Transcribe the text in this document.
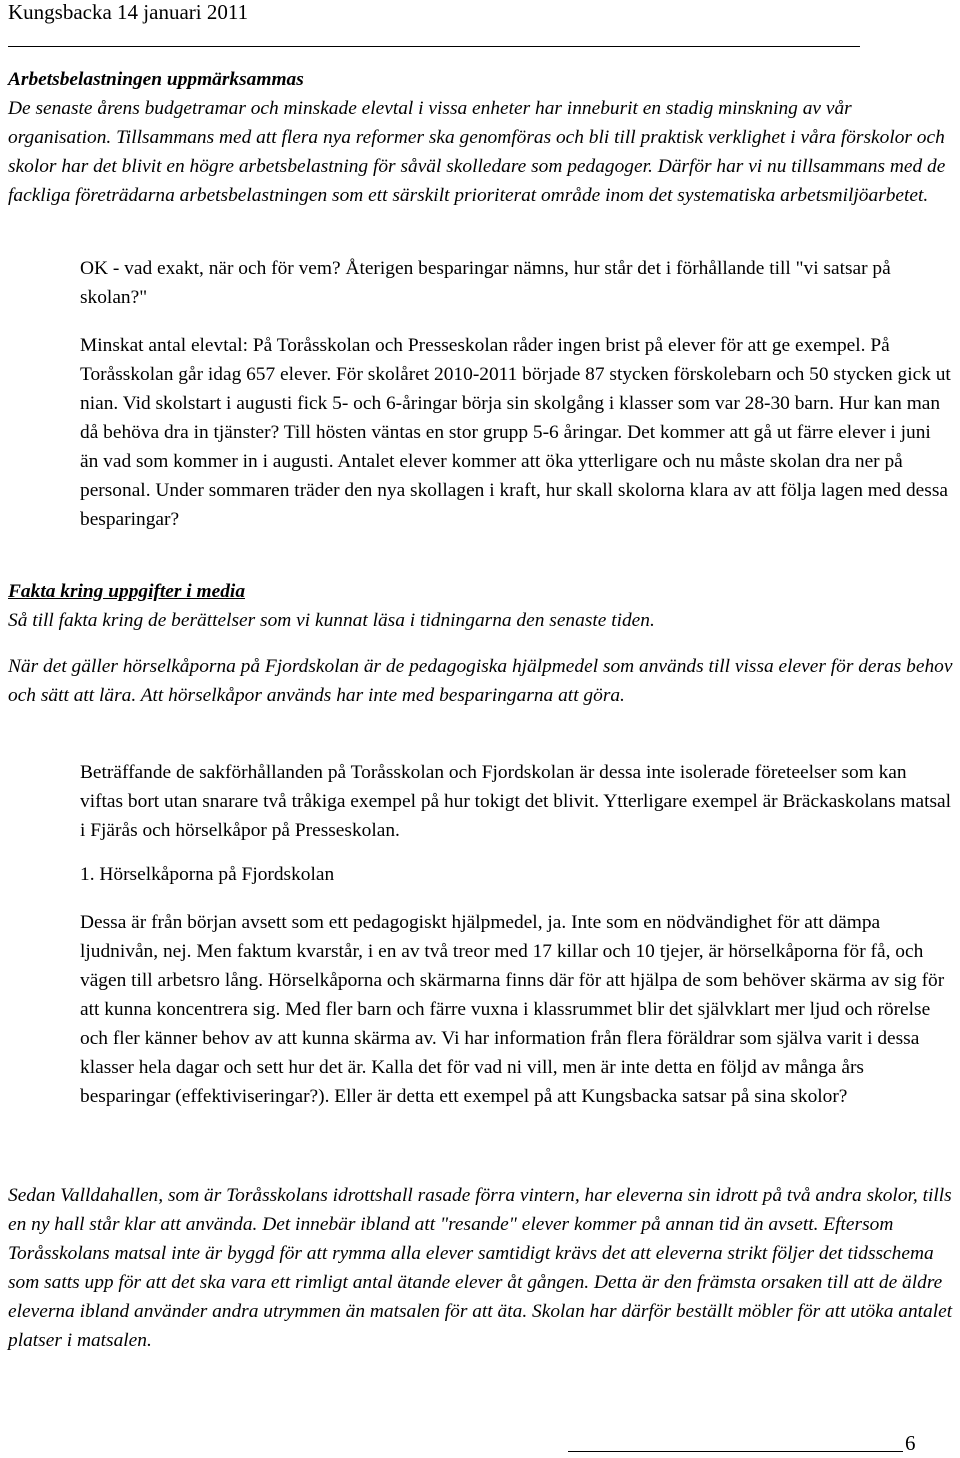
Kungsbacka 14 januari 2011
Arbetsbelastningen uppmärksammas
De senaste årens budgetramar och minskade elevtal i vissa enheter har inneburit en stadig minskning av vår organisation. Tillsammans med att flera nya reformer ska genomföras och bli till praktisk verklighet i våra förskolor och skolor har det blivit en högre arbetsbelastning för såväl skolledare som pedagoger. Därför har vi nu tillsammans med de fackliga företrädarna arbetsbelastningen som ett särskilt prioriterat område inom det systematiska arbetsmiljöarbetet.
OK - vad exakt, när och för vem? Återigen besparingar nämns, hur står det i förhållande till "vi satsar på skolan?"
Minskat antal elevtal: På Toråsskolan och Presseskolan råder ingen brist på elever för att ge exempel. På Toråsskolan går idag 657 elever. För skolåret 2010-2011 började 87 stycken förskolebarn och 50 stycken gick ut nian. Vid skolstart i augusti fick 5- och 6-åringar börja sin skolgång i klasser som var 28-30 barn. Hur kan man då behöva dra in tjänster? Till hösten väntas en stor grupp 5-6 åringar. Det kommer att gå ut färre elever i juni än vad som kommer in i augusti. Antalet elever kommer att öka ytterligare och nu måste skolan dra ner på personal. Under sommaren träder den nya skollagen i kraft, hur skall skolorna klara av att följa lagen med dessa besparingar?
Fakta kring uppgifter i media
Så till fakta kring de berättelser som vi kunnat läsa i tidningarna den senaste tiden.
När det gäller hörselkåporna på Fjordskolan är de pedagogiska hjälpmedel som används till vissa elever för deras behov och sätt att lära. Att hörselkåpor används har inte med besparingarna att göra.
Beträffande de sakförhållanden på Toråsskolan och Fjordskolan är dessa inte isolerade företeelser som kan viftas bort utan snarare två tråkiga exempel på hur tokigt det blivit. Ytterligare exempel är Bräckaskolans matsal i Fjärås och hörselkåpor på Presseskolan.
1. Hörselkåporna på Fjordskolan
Dessa är från början avsett som ett pedagogiskt hjälpmedel, ja. Inte som en nödvändighet för att dämpa ljudnivån, nej. Men faktum kvarstår, i en av två treor med 17 killar och 10 tjejer, är hörselkåporna för få, och vägen till arbetsro lång. Hörselkåporna och skärmarna finns där för att hjälpa de som behöver skärma av sig för att kunna koncentrera sig. Med fler barn och färre vuxna i klassrummet blir det självklart mer ljud och rörelse och fler känner behov av att kunna skärma av. Vi har information från flera föräldrar som själva varit i dessa klasser hela dagar och sett hur det är. Kalla det för vad ni vill, men är inte detta en följd av många års besparingar (effektiviseringar?). Eller är detta ett exempel på att Kungsbacka satsar på sina skolor?
Sedan Valldahallen, som är Toråsskolans idrottshall rasade förra vintern, har eleverna sin idrott på två andra skolor, tills en ny hall står klar att använda. Det innebär ibland att "resande" elever kommer på annan tid än avsett. Eftersom Toråsskolans matsal inte är byggd för att rymma alla elever samtidigt krävs det att eleverna strikt följer det tidsschema som satts upp för att det ska vara ett rimligt antal ätande elever åt gången. Detta är den främsta orsaken till att de äldre eleverna ibland använder andra utrymmen än matsalen för att äta. Skolan har därför beställt möbler för att utöka antalet platser i matsalen.
6
